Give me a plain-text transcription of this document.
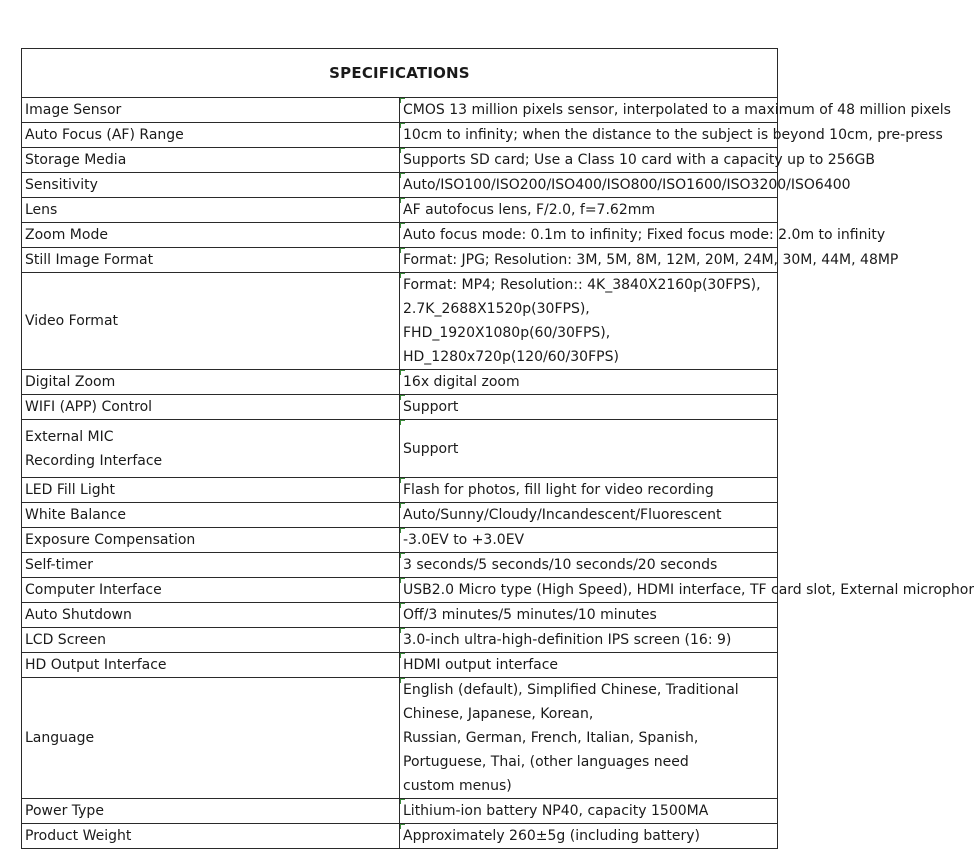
SPECIFICATIONS	
Image Sensor	CMOS 13 million pixels sensor, interpolated to a maximum of 48 million pixels
Auto Focus (AF) Range	10cm to infinity; when the distance to the subject is beyond 10cm, pre-press
Storage Media	Supports SD card; Use a Class 10 card with a capacity up to 256GB
Sensitivity	Auto/ISO100/ISO200/ISO400/ISO800/ISO1600/ISO3200/ISO6400
Lens	AF autofocus lens, F/2.0, f=7.62mm
Zoom Mode	Auto focus mode: 0.1m to infinity; Fixed focus mode: 2.0m to infinity
Still Image Format	Format: JPG; Resolution: 3M, 5M, 8M, 12M, 20M, 24M, 30M, 44M, 48MP
Video Format	Format: MP4; Resolution:: 4K_3840X2160p(30FPS), 2.7K_2688X1520p(30FPS),
FHD_1920X1080p(60/30FPS), HD_1280x720p(120/60/30FPS)
Digital Zoom	16x digital zoom
WIFI (APP) Control	Support
External MIC
Recording Interface	Support
LED Fill Light	Flash for photos, fill light for video recording
White Balance	Auto/Sunny/Cloudy/Incandescent/Fluorescent
Exposure Compensation	-3.0EV to +3.0EV
Self-timer	3 seconds/5 seconds/10 seconds/20 seconds
Computer Interface	USB2.0 Micro type (High Speed), HDMI interface, TF card slot, External microphor
Auto Shutdown	Off/3 minutes/5 minutes/10 minutes
LCD Screen	3.0-inch ultra-high-definition IPS screen (16: 9)
HD Output Interface	HDMI output interface
Language	English (default), Simplified Chinese, Traditional Chinese, Japanese, Korean,
Russian, German, French, Italian, Spanish, Portuguese, Thai, (other languages need
custom menus)
Power Type	Lithium-ion battery NP40, capacity 1500MA
Product Weight	Approximately 260±5g (including battery)
